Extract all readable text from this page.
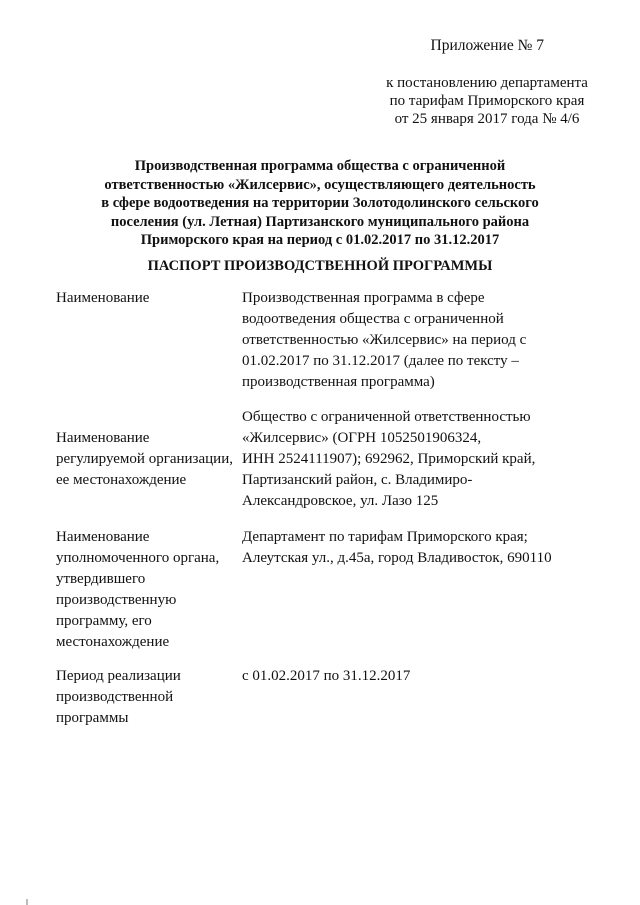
Приложение № 7
к постановлению департамента
по тарифам Приморского края
от 25 января 2017 года № 4/6
Производственная программа общества с ограниченной
ответственностью «Жилсервис», осуществляющего деятельность
в сфере водоотведения на территории Золотодолинского сельского
поселения (ул. Летная) Партизанского муниципального района
Приморского края на период с 01.02.2017 по 31.12.2017
ПАСПОРТ ПРОИЗВОДСТВЕННОЙ ПРОГРАММЫ
Наименование	Производственная программа в сфере
водоотведения общества с ограниченной
ответственностью «Жилсервис» на период с
01.02.2017 по 31.12.2017 (далее по тексту –
производственная программа)
Наименование
регулируемой организации,
ее местонахождение
Общество с ограниченной ответственностью
«Жилсервис» (ОГРН 1052501906324,
ИНН 2524111907); 692962, Приморский край,
Партизанский район, с. Владимиро-
Александровское, ул. Лазо 125
Наименование
уполномоченного органа,
утвердившего
производственную
программу, его
местонахождение
Департамент по тарифам Приморского края;
Алеутская ул., д.45а, город Владивосток, 690110
Период реализации
производственной
программы
с 01.02.2017 по 31.12.2017
